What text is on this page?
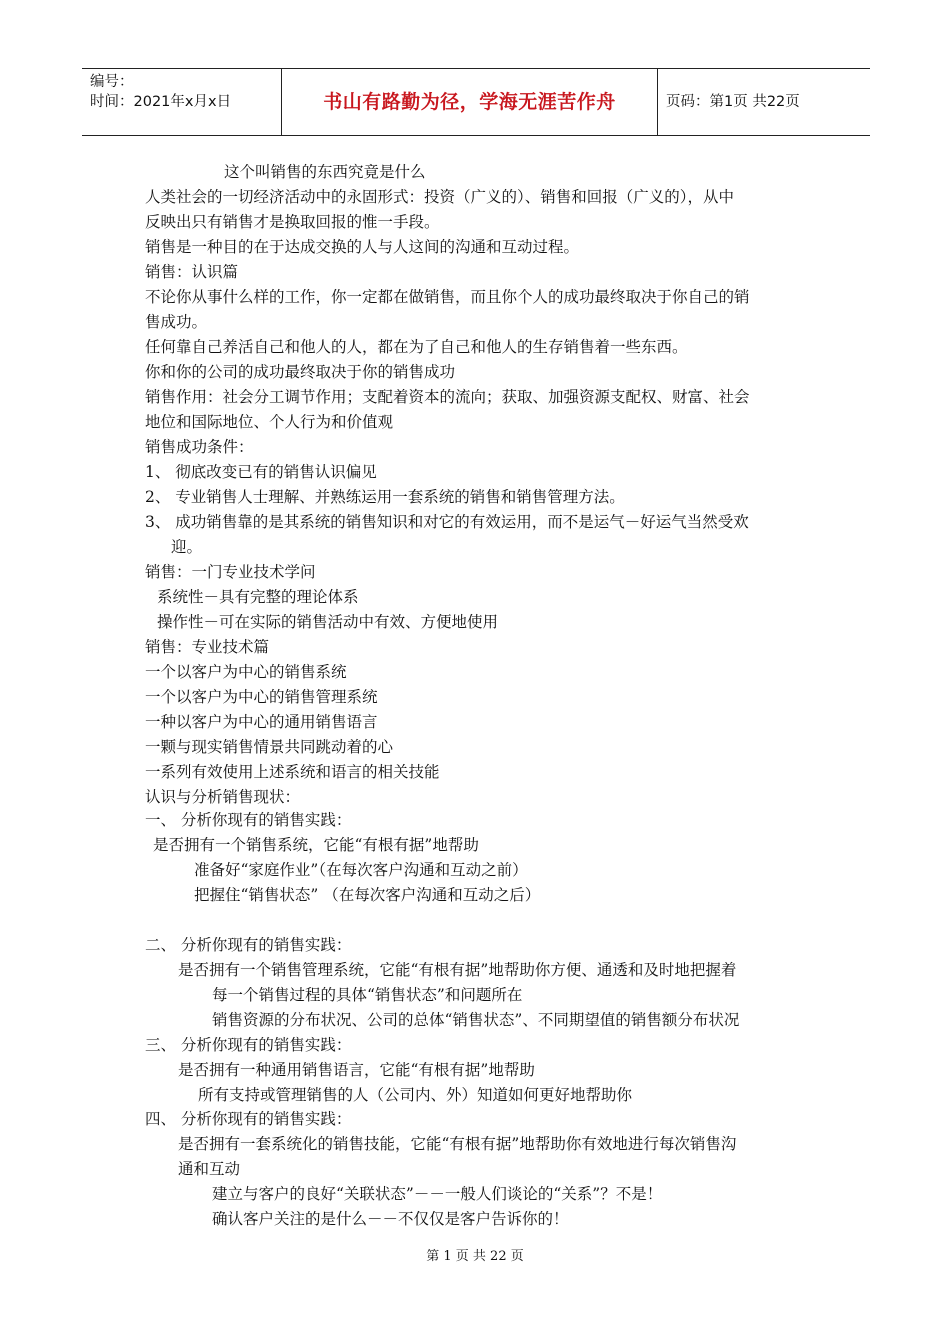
编号：
时间：2021年x月x日	书山有路勤为径，学海无涯苦作舟	页码：第1页 共22页
这个叫销售的东西究竟是什么
人类社会的一切经济活动中的永固形式：投资（广义的）、销售和回报（广义的），从中
反映出只有销售才是换取回报的惟一手段。
销售是一种目的在于达成交换的人与人这间的沟通和互动过程。
销售：认识篇
不论你从事什么样的工作，你一定都在做销售，而且你个人的成功最终取决于你自己的销
售成功。
任何靠自己养活自己和他人的人，都在为了自己和他人的生存销售着一些东西。
你和你的公司的成功最终取决于你的销售成功
销售作用：社会分工调节作用；支配着资本的流向；获取、加强资源支配权、财富、社会
地位和国际地位、个人行为和价值观
销售成功条件：
1、 彻底改变已有的销售认识偏见
2、 专业销售人士理解、并熟练运用一套系统的销售和销售管理方法。
3、 成功销售靠的是其系统的销售知识和对它的有效运用，而不是运气－好运气当然受欢
迎。
销售：一门专业技术学问
系统性－具有完整的理论体系
操作性－可在实际的销售活动中有效、方便地使用
销售：专业技术篇
一个以客户为中心的销售系统
一个以客户为中心的销售管理系统
一种以客户为中心的通用销售语言
一颗与现实销售情景共同跳动着的心
一系列有效使用上述系统和语言的相关技能
认识与分析销售现状：
一、 分析你现有的销售实践：
是否拥有一个销售系统，它能“有根有据”地帮助
准备好“家庭作业”（在每次客户沟通和互动之前）
把握住“销售状态” （在每次客户沟通和互动之后）
二、 分析你现有的销售实践：
是否拥有一个销售管理系统，它能“有根有据”地帮助你方便、通透和及时地把握着
每一个销售过程的具体“销售状态”和问题所在
销售资源的分布状况、公司的总体“销售状态”、不同期望值的销售额分布状况
三、 分析你现有的销售实践：
是否拥有一种通用销售语言，它能“有根有据”地帮助
所有支持或管理销售的人（公司内、外）知道如何更好地帮助你
四、 分析你现有的销售实践：
是否拥有一套系统化的销售技能，它能“有根有据”地帮助你有效地进行每次销售沟
通和互动
建立与客户的良好“关联状态”－－一般人们谈论的“关系”？不是！
确认客户关注的是什么－－不仅仅是客户告诉你的！
第 1 页 共 22 页
